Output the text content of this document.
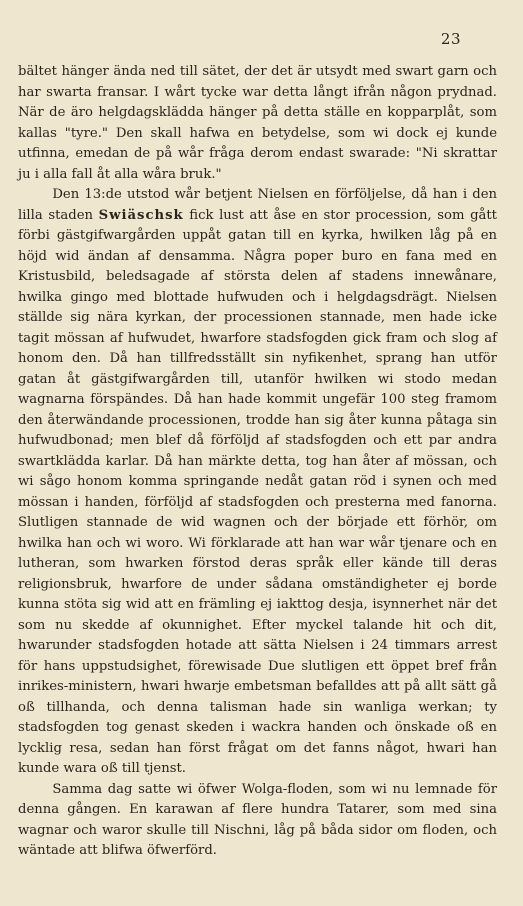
23

bältet hänger ända ned till sätet, der det är utsydt med swart garn och har swarta fransar. I wårt tycke war detta långt ifrån någon prydnad. När de äro helgdagsklädda hänger på detta ställe en kopparplåt, som kallas "tyre." Den skall hafwa en betydelse, som wi dock ej kunde utfinna, emedan de på wår fråga derom endast swarade: "Ni skrattar ju i alla fall åt alla wåra bruk."

Den 13:de utstod wår betjent Nielsen en förföljelse, då han i den lilla staden Swiäschsk fick lust att åse en stor procession, som gått förbi gästgifwargården uppåt gatan till en kyrka, hwilken låg på en höjd wid ändan af densamma. Några poper buro en fana med en Kristusbild, beledsagade af största delen af stadens innewånare, hwilka gingo med blottade hufwuden och i helgdagsdrägt. Nielsen ställde sig nära kyrkan, der processionen stannade, men hade icke tagit mössan af hufwudet, hwarfore stadsfogden gick fram och slog af honom den. Då han tillfredsställt sin nyfikenhet, sprang han utför gatan åt gästgifwargården till, utanför hwilken wi stodo medan wagnarna förspändes. Då han hade kommit ungefär 100 steg framom den återwändande processionen, trodde han sig åter kunna påtaga sin hufwudbonad; men blef då förföljd af stadsfogden och ett par andra swartklädda karlar. Då han märkte detta, tog han åter af mössan, och wi sågo honom komma springande nedåt gatan röd i synen och med mössan i handen, förföljd af stadsfogden och presterna med fanorna. Slutligen stannade de wid wagnen och der började ett förhör, om hwilka han och wi woro. Wi förklarade att han war wår tjenare och en lutheran, som hwarken förstod deras språk eller kände till deras religionsbruk, hwarfore de under sådana omständigheter ej borde kunna stöta sig wid att en främling ej iakttog desja, isynnerhet när det som nu skedde af okunnighet. Efter myckel talande hit och dit, hwarunder stadsfogden hotade att sätta Nielsen i 24 timmars arrest för hans uppstudsighet, förewisade Due slutligen ett öppet bref från inrikes-ministern, hwari hwarje embetsman befalldes att på allt sätt gå oß tillhanda, och denna talisman hade sin wanliga werkan; ty stadsfogden tog genast skeden i wackra handen och önskade oß en lycklig resa, sedan han först frågat om det fanns något, hwari han kunde wara oß till tjenst.

Samma dag satte wi öfwer Wolga-floden, som wi nu lemnade för denna gången. En karawan af flere hundra Tatarer, som med sina wagnar och waror skulle till Nischni, låg på båda sidor om floden, och wäntade att blifwa öfwerförd.
